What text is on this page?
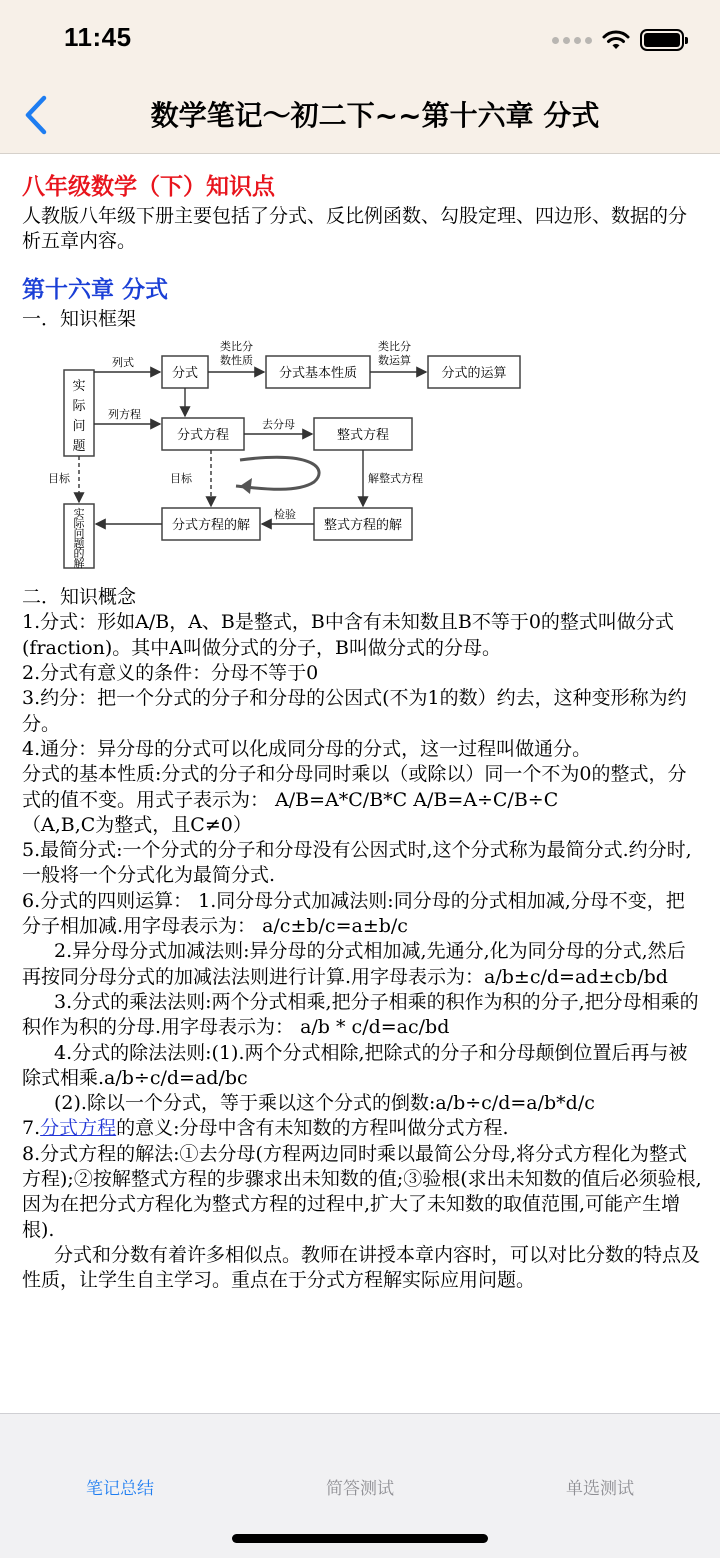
11:45
数学笔记～初二下~~第十六章 分式
八年级数学（下）知识点

人教版八年级下册主要包括了分式、反比例函数、勾股定理、四边形、数据的分析五章内容。

第十六章 分式

一．知识框架

实
际
问
题
分式	分式基本性质	分式的运算
分式方程	整式方程
分式方程的解	整式方程的解
实
际
问
题
的
解
列式
类比分
数性质
类比分
数运算
列方程
去分母
解整式方程
检验
目标	目标

二．知识概念

1.分式：形如A/B，A、B是整式，B中含有未知数且B不等于0的整式叫做分式(fraction)。其中A叫做分式的分子，B叫做分式的分母。

2.分式有意义的条件：分母不等于0

3.约分：把一个分式的分子和分母的公因式(不为1的数）约去，这种变形称为约分。

4.通分：异分母的分式可以化成同分母的分式，这一过程叫做通分。

分式的基本性质:分式的分子和分母同时乘以（或除以）同一个不为0的整式，分式的值不变。用式子表示为： A/B=A*C/B*C A/B=A÷C/B÷C

（A,B,C为整式，且C≠0）

5.最简分式:一个分式的分子和分母没有公因式时,这个分式称为最简分式.约分时,一般将一个分式化为最简分式.

6.分式的四则运算： 1.同分母分式加减法则:同分母的分式相加减,分母不变，把分子相加减.用字母表示为： a/c±b/c=a±b/c

2.异分母分式加减法则:异分母的分式相加减,先通分,化为同分母的分式,然后再按同分母分式的加减法法则进行计算.用字母表示为：a/b±c/d=ad±cb/bd

3.分式的乘法法则:两个分式相乘,把分子相乘的积作为积的分子,把分母相乘的积作为积的分母.用字母表示为： a/b * c/d=ac/bd

4.分式的除法法则:(1).两个分式相除,把除式的分子和分母颠倒位置后再与被除式相乘.a/b÷c/d=ad/bc

(2).除以一个分式，等于乘以这个分式的倒数:a/b÷c/d=a/b*d/c

7.分式方程的意义:分母中含有未知数的方程叫做分式方程.

8.分式方程的解法:①去分母(方程两边同时乘以最简公分母,将分式方程化为整式方程);②按解整式方程的步骤求出未知数的值;③验根(求出未知数的值后必须验根,因为在把分式方程化为整式方程的过程中,扩大了未知数的取值范围,可能产生增根).

分式和分数有着许多相似点。教师在讲授本章内容时，可以对比分数的特点及性质，让学生自主学习。重点在于分式方程解实际应用问题。

笔记总结	简答测试	单选测试
